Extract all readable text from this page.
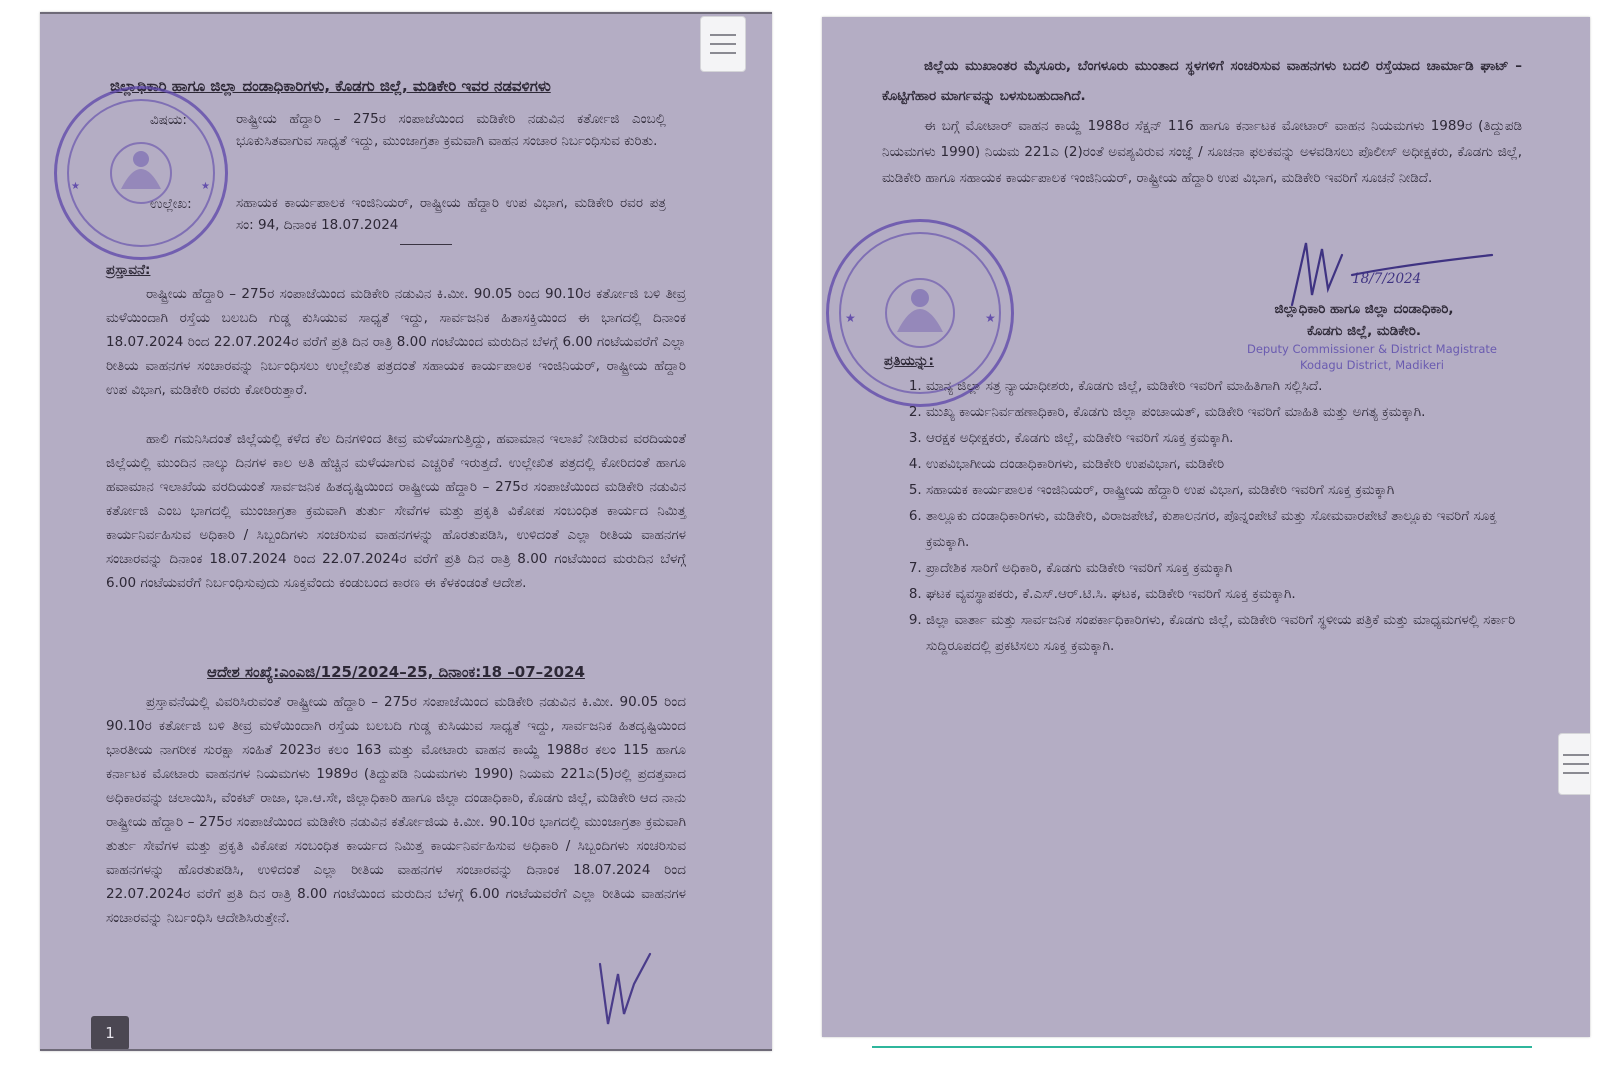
ಜಿಲ್ಲಾಧಿಕಾರಿ ಹಾಗೂ ಜಿಲ್ಲಾ ದಂಡಾಧಿಕಾರಿಗಳು, ಕೊಡಗು ಜಿಲ್ಲೆ, ಮಡಿಕೇರಿ ಇವರ ನಡವಳಿಗಳು
★	★
ವಿಷಯ:	ರಾಷ್ಟ್ರೀಯ ಹೆದ್ದಾರಿ – 275ರ ಸಂಪಾಜೆಯಿಂದ ಮಡಿಕೇರಿ ನಡುವಿನ ಕರ್ತೋಜಿ ಎಂಬಲ್ಲಿ ಭೂಕುಸಿತವಾಗುವ ಸಾಧ್ಯತೆ ಇದ್ದು, ಮುಂಜಾಗ್ರತಾ ಕ್ರಮವಾಗಿ ವಾಹನ ಸಂಚಾರ ನಿರ್ಬಂಧಿಸುವ ಕುರಿತು.
ಉಲ್ಲೇಖ:	ಸಹಾಯಕ ಕಾರ್ಯಪಾಲಕ ಇಂಜಿನಿಯರ್, ರಾಷ್ಟ್ರೀಯ ಹೆದ್ದಾರಿ ಉಪ ವಿಭಾಗ, ಮಡಿಕೇರಿ ರವರ ಪತ್ರ ಸಂ: 94, ದಿನಾಂಕ 18.07.2024
ಪ್ರಸ್ತಾವನೆ:
ರಾಷ್ಟ್ರೀಯ ಹೆದ್ದಾರಿ – 275ರ ಸಂಪಾಜೆಯಿಂದ ಮಡಿಕೇರಿ ನಡುವಿನ ಕಿ.ಮೀ. 90.05 ರಿಂದ 90.10ರ ಕರ್ತೋಜಿ ಬಳಿ ತೀವ್ರ ಮಳೆಯಿಂದಾಗಿ ರಸ್ತೆಯ ಬಲಬದಿ ಗುಡ್ಡ ಕುಸಿಯುವ ಸಾಧ್ಯತೆ ಇದ್ದು, ಸಾರ್ವಜನಿಕ ಹಿತಾಸಕ್ತಿಯಿಂದ ಈ ಭಾಗದಲ್ಲಿ ದಿನಾಂಕ 18.07.2024 ರಿಂದ 22.07.2024ರ ವರೆಗೆ ಪ್ರತಿ ದಿನ ರಾತ್ರಿ 8.00 ಗಂಟೆಯಿಂದ ಮರುದಿನ ಬೆಳಗ್ಗೆ 6.00 ಗಂಟೆಯವರೆಗೆ ಎಲ್ಲಾ ರೀತಿಯ ವಾಹನಗಳ ಸಂಚಾರವನ್ನು ನಿರ್ಬಂಧಿಸಲು ಉಲ್ಲೇಖಿತ ಪತ್ರದಂತೆ ಸಹಾಯಕ ಕಾರ್ಯಪಾಲಕ ಇಂಜಿನಿಯರ್, ರಾಷ್ಟ್ರೀಯ ಹೆದ್ದಾರಿ ಉಪ ವಿಭಾಗ, ಮಡಿಕೇರಿ ರವರು ಕೋರಿರುತ್ತಾರೆ.
ಹಾಲಿ ಗಮನಿಸಿದಂತೆ ಜಿಲ್ಲೆಯಲ್ಲಿ ಕಳೆದ ಕೆಲ ದಿನಗಳಿಂದ ತೀವ್ರ ಮಳೆಯಾಗುತ್ತಿದ್ದು, ಹವಾಮಾನ ಇಲಾಖೆ ನೀಡಿರುವ ವರದಿಯಂತೆ ಜಿಲ್ಲೆಯಲ್ಲಿ ಮುಂದಿನ ನಾಲ್ಕು ದಿನಗಳ ಕಾಲ ಅತಿ ಹೆಚ್ಚಿನ ಮಳೆಯಾಗುವ ಎಚ್ಚರಿಕೆ ಇರುತ್ತದೆ. ಉಲ್ಲೇಖಿತ ಪತ್ರದಲ್ಲಿ ಕೋರಿದಂತೆ ಹಾಗೂ ಹವಾಮಾನ ಇಲಾಖೆಯ ವರದಿಯಂತೆ ಸಾರ್ವಜನಿಕ ಹಿತದೃಷ್ಟಿಯಿಂದ ರಾಷ್ಟ್ರೀಯ ಹೆದ್ದಾರಿ – 275ರ ಸಂಪಾಜೆಯಿಂದ ಮಡಿಕೇರಿ ನಡುವಿನ ಕರ್ತೋಜಿ ಎಂಬ ಭಾಗದಲ್ಲಿ ಮುಂಜಾಗ್ರತಾ ಕ್ರಮವಾಗಿ ತುರ್ತು ಸೇವೆಗಳ ಮತ್ತು ಪ್ರಕೃತಿ ವಿಕೋಪ ಸಂಬಂಧಿತ ಕಾರ್ಯದ ನಿಮಿತ್ತ ಕಾರ್ಯನಿರ್ವಹಿಸುವ ಅಧಿಕಾರಿ / ಸಿಬ್ಬಂದಿಗಳು ಸಂಚರಿಸುವ ವಾಹನಗಳನ್ನು ಹೊರತುಪಡಿಸಿ, ಉಳಿದಂತೆ ಎಲ್ಲಾ ರೀತಿಯ ವಾಹನಗಳ ಸಂಚಾರವನ್ನು ದಿನಾಂಕ 18.07.2024 ರಿಂದ 22.07.2024ರ ವರೆಗೆ ಪ್ರತಿ ದಿನ ರಾತ್ರಿ 8.00 ಗಂಟೆಯಿಂದ ಮರುದಿನ ಬೆಳಗ್ಗೆ 6.00 ಗಂಟೆಯವರೆಗೆ ನಿರ್ಬಂಧಿಸುವುದು ಸೂಕ್ತವೆಂದು ಕಂಡುಬಂದ ಕಾರಣ ಈ ಕೆಳಕಂಡಂತೆ ಆದೇಶ.
ಆದೇಶ ಸಂಖ್ಯೆ:ಎಂಎಜಿ/125/2024–25, ದಿನಾಂಕ:18 –07–2024
ಪ್ರಸ್ತಾವನೆಯಲ್ಲಿ ವಿವರಿಸಿರುವಂತೆ ರಾಷ್ಟ್ರೀಯ ಹೆದ್ದಾರಿ – 275ರ ಸಂಪಾಜೆಯಿಂದ ಮಡಿಕೇರಿ ನಡುವಿನ ಕಿ.ಮೀ. 90.05 ರಿಂದ 90.10ರ ಕರ್ತೋಜಿ ಬಳಿ ತೀವ್ರ ಮಳೆಯಿಂದಾಗಿ ರಸ್ತೆಯ ಬಲಬದಿ ಗುಡ್ಡ ಕುಸಿಯುವ ಸಾಧ್ಯತೆ ಇದ್ದು, ಸಾರ್ವಜನಿಕ ಹಿತದೃಷ್ಟಿಯಿಂದ ಭಾರತೀಯ ನಾಗರೀಕ ಸುರಕ್ಷಾ ಸಂಹಿತೆ 2023ರ ಕಲಂ 163 ಮತ್ತು ಮೋಟಾರು ವಾಹನ ಕಾಯ್ದೆ 1988ರ ಕಲಂ 115 ಹಾಗೂ ಕರ್ನಾಟಕ ಮೋಟಾರು ವಾಹನಗಳ ನಿಯಮಗಳು 1989ರ (ತಿದ್ದುಪಡಿ ನಿಯಮಗಳು 1990) ನಿಯಮ 221ಎ(5)ರಲ್ಲಿ ಪ್ರದತ್ತವಾದ ಅಧಿಕಾರವನ್ನು ಚಲಾಯಿಸಿ, ವೆಂಕಟ್ ರಾಜಾ, ಭಾ.ಆ.ಸೇ, ಜಿಲ್ಲಾಧಿಕಾರಿ ಹಾಗೂ ಜಿಲ್ಲಾ ದಂಡಾಧಿಕಾರಿ, ಕೊಡಗು ಜಿಲ್ಲೆ, ಮಡಿಕೇರಿ ಆದ ನಾನು ರಾಷ್ಟ್ರೀಯ ಹೆದ್ದಾರಿ – 275ರ ಸಂಪಾಜೆಯಿಂದ ಮಡಿಕೇರಿ ನಡುವಿನ ಕರ್ತೋಜಿಯ ಕಿ.ಮೀ. 90.10ರ ಭಾಗದಲ್ಲಿ ಮುಂಜಾಗ್ರತಾ ಕ್ರಮವಾಗಿ ತುರ್ತು ಸೇವೆಗಳ ಮತ್ತು ಪ್ರಕೃತಿ ವಿಕೋಪ ಸಂಬಂಧಿತ ಕಾರ್ಯದ ನಿಮಿತ್ತ ಕಾರ್ಯನಿರ್ವಹಿಸುವ ಅಧಿಕಾರಿ / ಸಿಬ್ಬಂದಿಗಳು ಸಂಚರಿಸುವ ವಾಹನಗಳನ್ನು ಹೊರತುಪಡಿಸಿ, ಉಳಿದಂತೆ ಎಲ್ಲಾ ರೀತಿಯ ವಾಹನಗಳ ಸಂಚಾರವನ್ನು ದಿನಾಂಕ 18.07.2024 ರಿಂದ 22.07.2024ರ ವರೆಗೆ ಪ್ರತಿ ದಿನ ರಾತ್ರಿ 8.00 ಗಂಟೆಯಿಂದ ಮರುದಿನ ಬೆಳಗ್ಗೆ 6.00 ಗಂಟೆಯವರೆಗೆ ಎಲ್ಲಾ ರೀತಿಯ ವಾಹನಗಳ ಸಂಚಾರವನ್ನು ನಿರ್ಬಂಧಿಸಿ ಆದೇಶಿಸಿರುತ್ತೇನೆ.
1
ಜಿಲ್ಲೆಯ ಮುಖಾಂತರ ಮೈಸೂರು, ಬೆಂಗಳೂರು ಮುಂತಾದ ಸ್ಥಳಗಳಿಗೆ ಸಂಚರಿಸುವ ವಾಹನಗಳು ಬದಲಿ ರಸ್ತೆಯಾದ ಚಾರ್ಮಾಡಿ ಘಾಟ್ – ಕೊಟ್ಟಿಗೆಹಾರ ಮಾರ್ಗವನ್ನು ಬಳಸುಬಹುದಾಗಿದೆ.
ಈ ಬಗ್ಗೆ ಮೋಟಾರ್ ವಾಹನ ಕಾಯ್ದೆ 1988ರ ಸೆಕ್ಷನ್ 116 ಹಾಗೂ ಕರ್ನಾಟಕ ಮೋಟಾರ್ ವಾಹನ ನಿಯಮಗಳು 1989ರ (ತಿದ್ದುಪಡಿ ನಿಯಮಗಳು 1990) ನಿಯಮ 221ಎ (2)ರಂತೆ ಅವಶ್ಯವಿರುವ ಸಂಜ್ಞೆ / ಸೂಚನಾ ಫಲಕವನ್ನು ಅಳವಡಿಸಲು ಪೊಲೀಸ್ ಅಧೀಕ್ಷಕರು, ಕೊಡಗು ಜಿಲ್ಲೆ, ಮಡಿಕೇರಿ ಹಾಗೂ ಸಹಾಯಕ ಕಾರ್ಯಪಾಲಕ ಇಂಜಿನಿಯರ್, ರಾಷ್ಟ್ರೀಯ ಹೆದ್ದಾರಿ ಉಪ ವಿಭಾಗ, ಮಡಿಕೇರಿ ಇವರಿಗೆ ಸೂಚನೆ ನೀಡಿದೆ.
★	★
18/7/2024
ಜಿಲ್ಲಾಧಿಕಾರಿ ಹಾಗೂ ಜಿಲ್ಲಾ ದಂಡಾಧಿಕಾರಿ,
ಕೊಡಗು ಜಿಲ್ಲೆ, ಮಡಿಕೇರಿ.
Deputy Commissioner & District Magistrate
Kodagu District, Madikeri
ಪ್ರತಿಯನ್ನು:
1. ಮಾನ್ಯ ಜಿಲ್ಲಾ ಸತ್ರ ನ್ಯಾಯಾಧೀಶರು, ಕೊಡಗು ಜಿಲ್ಲೆ, ಮಡಿಕೇರಿ ಇವರಿಗೆ ಮಾಹಿತಿಗಾಗಿ ಸಲ್ಲಿಸಿದೆ.
2. ಮುಖ್ಯ ಕಾರ್ಯನಿರ್ವಹಣಾಧಿಕಾರಿ, ಕೊಡಗು ಜಿಲ್ಲಾ ಪಂಚಾಯತ್, ಮಡಿಕೇರಿ ಇವರಿಗೆ ಮಾಹಿತಿ ಮತ್ತು ಅಗತ್ಯ ಕ್ರಮಕ್ಕಾಗಿ.
3. ಆರಕ್ಷಕ ಅಧೀಕ್ಷಕರು, ಕೊಡಗು ಜಿಲ್ಲೆ, ಮಡಿಕೇರಿ ಇವರಿಗೆ ಸೂಕ್ತ ಕ್ರಮಕ್ಕಾಗಿ.
4. ಉಪವಿಭಾಗೀಯ ದಂಡಾಧಿಕಾರಿಗಳು, ಮಡಿಕೇರಿ ಉಪವಿಭಾಗ, ಮಡಿಕೇರಿ
5. ಸಹಾಯಕ ಕಾರ್ಯಪಾಲಕ ಇಂಜಿನಿಯರ್, ರಾಷ್ಟ್ರೀಯ ಹೆದ್ದಾರಿ ಉಪ ವಿಭಾಗ, ಮಡಿಕೇರಿ ಇವರಿಗೆ ಸೂಕ್ತ ಕ್ರಮಕ್ಕಾಗಿ
6. ತಾಲ್ಲೂಕು ದಂಡಾಧಿಕಾರಿಗಳು, ಮಡಿಕೇರಿ, ವಿರಾಜಪೇಟೆ, ಕುಶಾಲನಗರ, ಪೊನ್ನಂಪೇಟೆ ಮತ್ತು ಸೋಮವಾರಪೇಟೆ ತಾಲ್ಲೂಕು ಇವರಿಗೆ ಸೂಕ್ತ ಕ್ರಮಕ್ಕಾಗಿ.
7. ಪ್ರಾದೇಶಿಕ ಸಾರಿಗೆ ಅಧಿಕಾರಿ, ಕೊಡಗು ಮಡಿಕೇರಿ ಇವರಿಗೆ ಸೂಕ್ತ ಕ್ರಮಕ್ಕಾಗಿ
8. ಘಟಕ ವ್ಯವಸ್ಥಾಪಕರು, ಕೆ.ಎಸ್.ಆರ್.ಟಿ.ಸಿ. ಘಟಕ, ಮಡಿಕೇರಿ ಇವರಿಗೆ ಸೂಕ್ತ ಕ್ರಮಕ್ಕಾಗಿ.
9. ಜಿಲ್ಲಾ ವಾರ್ತಾ ಮತ್ತು ಸಾರ್ವಜನಿಕ ಸಂಪರ್ಕಾಧಿಕಾರಿಗಳು, ಕೊಡಗು ಜಿಲ್ಲೆ, ಮಡಿಕೇರಿ ಇವರಿಗೆ ಸ್ಥಳೀಯ ಪತ್ರಿಕೆ ಮತ್ತು ಮಾಧ್ಯಮಗಳಲ್ಲಿ ಸರ್ಕಾರಿ ಸುದ್ದಿರೂಪದಲ್ಲಿ ಪ್ರಕಟಿಸಲು ಸೂಕ್ತ ಕ್ರಮಕ್ಕಾಗಿ.
